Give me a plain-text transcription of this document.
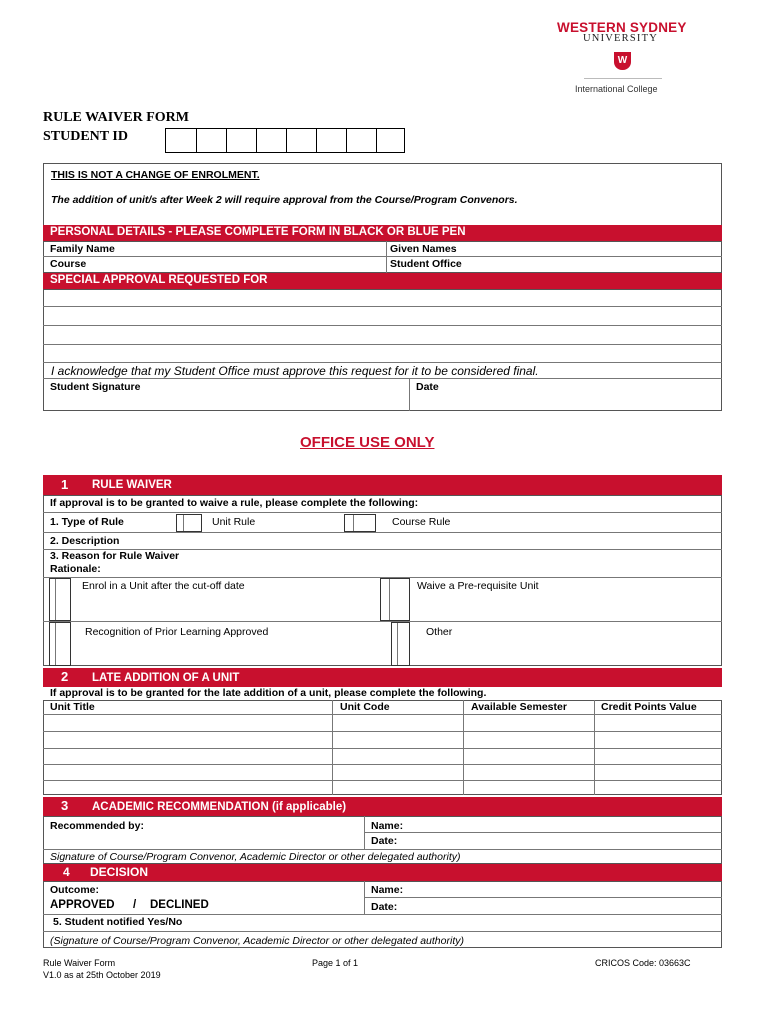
WESTERN SYDNEY
UNIVERSITY
W
International College
RULE WAIVER FORM
STUDENT ID
THIS IS NOT A CHANGE OF ENROLMENT.
The addition of unit/s after Week 2 will require approval from the Course/Program Convenors.
PERSONAL DETAILS - PLEASE COMPLETE FORM IN BLACK OR BLUE PEN
Family Name	Given Names
Course	Student Office
SPECIAL APPROVAL REQUESTED FOR
I acknowledge that my Student Office must approve this request for it to be considered final.
Student Signature	Date
OFFICE USE ONLY
1 RULE WAIVER
If approval is to be granted to waive a rule, please complete the following:
1. Type of Rule	Unit Rule	Course Rule
2. Description
3. Reason for Rule Waiver
Rationale:
Enrol in a Unit after the cut-off date	Waive a Pre-requisite Unit
Recognition of Prior Learning Approved	Other
2 LATE ADDITION OF A UNIT
If approval is to be granted for the late addition of a unit, please complete the following.
Unit Title	Unit Code	Available Semester	Credit Points Value
3 ACADEMIC RECOMMENDATION (if applicable)
Recommended by:	Name:
Date:
Signature of Course/Program Convenor, Academic Director or other delegated authority)
4 DECISION
Outcome:
APPROVED / DECLINED
Name:
Date:
5. Student notified Yes/No
(Signature of Course/Program Convenor, Academic Director or other delegated authority)
Rule Waiver Form
V1.0 as at 25th October 2019
Page 1 of 1	CRICOS Code: 03663C
